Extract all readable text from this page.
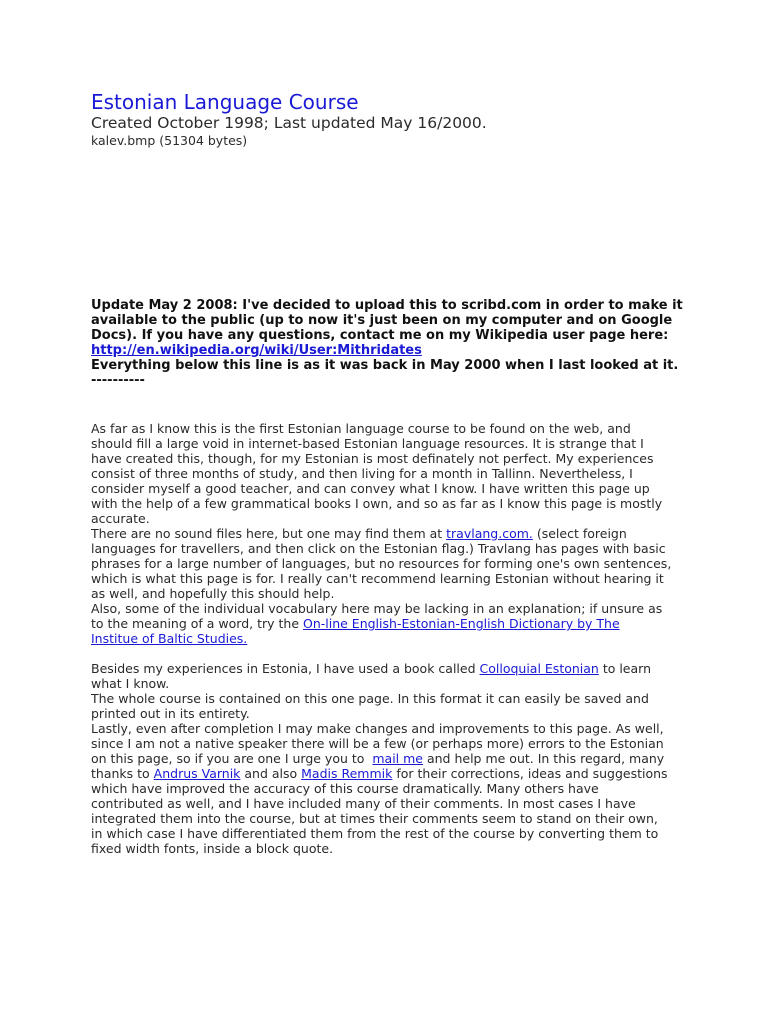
Estonian Language Course
Created October 1998; Last updated May 16/2000.
kalev.bmp (51304 bytes)
Update May 2 2008: I've decided to upload this to scribd.com in order to make it
available to the public (up to now it's just been on my computer and on Google
Docs). If you have any questions, contact me on my Wikipedia user page here:
http://en.wikipedia.org/wiki/User:Mithridates
Everything below this line is as it was back in May 2000 when I last looked at it.
----------
As far as I know this is the first Estonian language course to be found on the web, and
should fill a large void in internet-based Estonian language resources. It is strange that I
have created this, though, for my Estonian is most definately not perfect. My experiences
consist of three months of study, and then living for a month in Tallinn. Nevertheless, I
consider myself a good teacher, and can convey what I know. I have written this page up
with the help of a few grammatical books I own, and so as far as I know this page is mostly
accurate.
There are no sound files here, but one may find them at travlang.com. (select foreign
languages for travellers, and then click on the Estonian flag.) Travlang has pages with basic
phrases for a large number of languages, but no resources for forming one's own sentences,
which is what this page is for. I really can't recommend learning Estonian without hearing it
as well, and hopefully this should help.
Also, some of the individual vocabulary here may be lacking in an explanation; if unsure as
to the meaning of a word, try the On-line English-Estonian-English Dictionary by The
Institue of Baltic Studies.
Besides my experiences in Estonia, I have used a book called Colloquial Estonian to learn
what I know.
The whole course is contained on this one page. In this format it can easily be saved and
printed out in its entirety.
Lastly, even after completion I may make changes and improvements to this page. As well,
since I am not a native speaker there will be a few (or perhaps more) errors to the Estonian
on this page, so if you are one I urge you to  mail me and help me out. In this regard, many
thanks to Andrus Varnik and also Madis Remmik for their corrections, ideas and suggestions
which have improved the accuracy of this course dramatically. Many others have
contributed as well, and I have included many of their comments. In most cases I have
integrated them into the course, but at times their comments seem to stand on their own,
in which case I have differentiated them from the rest of the course by converting them to
fixed width fonts, inside a block quote.
